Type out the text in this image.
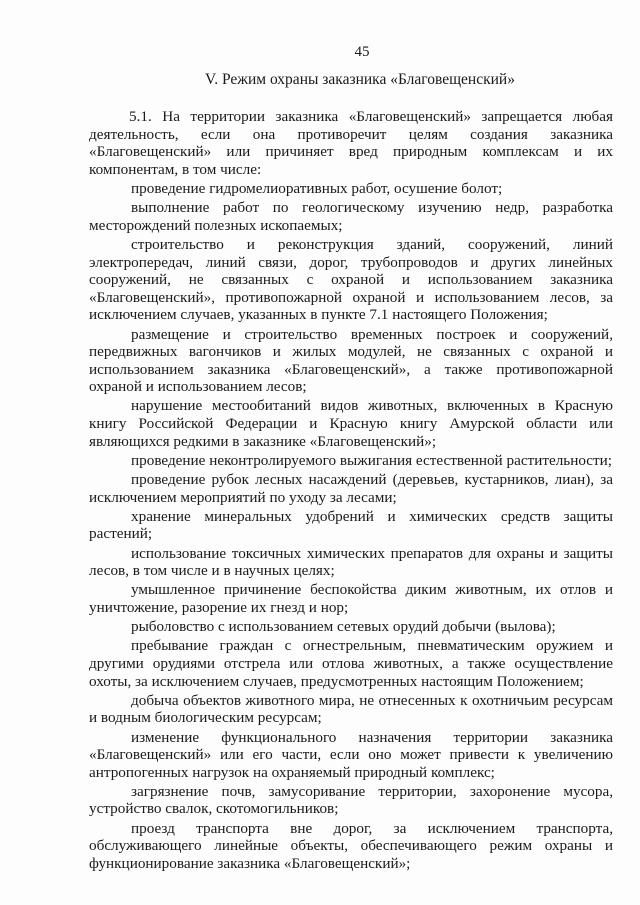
45
V. Режим охраны заказника «Благовещенский»

5.1. На территории заказника «Благовещенский» запрещается любая деятельность, если она противоречит целям создания заказника «Благовещенский» или причиняет вред природным комплексам и их компонентам, в том числе:

проведение гидромелиоративных работ, осушение болот;

выполнение работ по геологическому изучению недр, разработка месторождений полезных ископаемых;

строительство и реконструкция зданий, сооружений, линий электропередач, линий связи, дорог, трубопроводов и других линейных сооружений, не связанных с охраной и использованием заказника «Благовещенский», противопожарной охраной и использованием лесов, за исключением случаев, указанных в пункте 7.1 настоящего Положения;

размещение и строительство временных построек и сооружений, передвижных вагончиков и жилых модулей, не связанных с охраной и использованием заказника «Благовещенский», а также противопожарной охраной и использованием лесов;

нарушение местообитаний видов животных, включенных в Красную книгу Российской Федерации и Красную книгу Амурской области или являющихся редкими в заказнике «Благовещенский»;

проведение неконтролируемого выжигания естественной растительности;

проведение рубок лесных насаждений (деревьев, кустарников, лиан), за исключением мероприятий по уходу за лесами;

хранение минеральных удобрений и химических средств защиты растений;

использование токсичных химических препаратов для охраны и защиты лесов, в том числе и в научных целях;

умышленное причинение беспокойства диким животным, их отлов и уничтожение, разорение их гнезд и нор;

рыболовство с использованием сетевых орудий добычи (вылова);

пребывание граждан с огнестрельным, пневматическим оружием и другими орудиями отстрела или отлова животных, а также осуществление охоты, за исключением случаев, предусмотренных настоящим Положением;

добыча объектов животного мира, не отнесенных к охотничьим ресурсам и водным биологическим ресурсам;

изменение функционального назначения территории заказника «Благовещенский» или его части, если оно может привести к увеличению антропогенных нагрузок на охраняемый природный комплекс;

загрязнение почв, замусоривание территории, захоронение мусора, устройство свалок, скотомогильников;

проезд транспорта вне дорог, за исключением транспорта, обслуживающего линейные объекты, обеспечивающего режим охраны и функционирование заказника «Благовещенский»;
